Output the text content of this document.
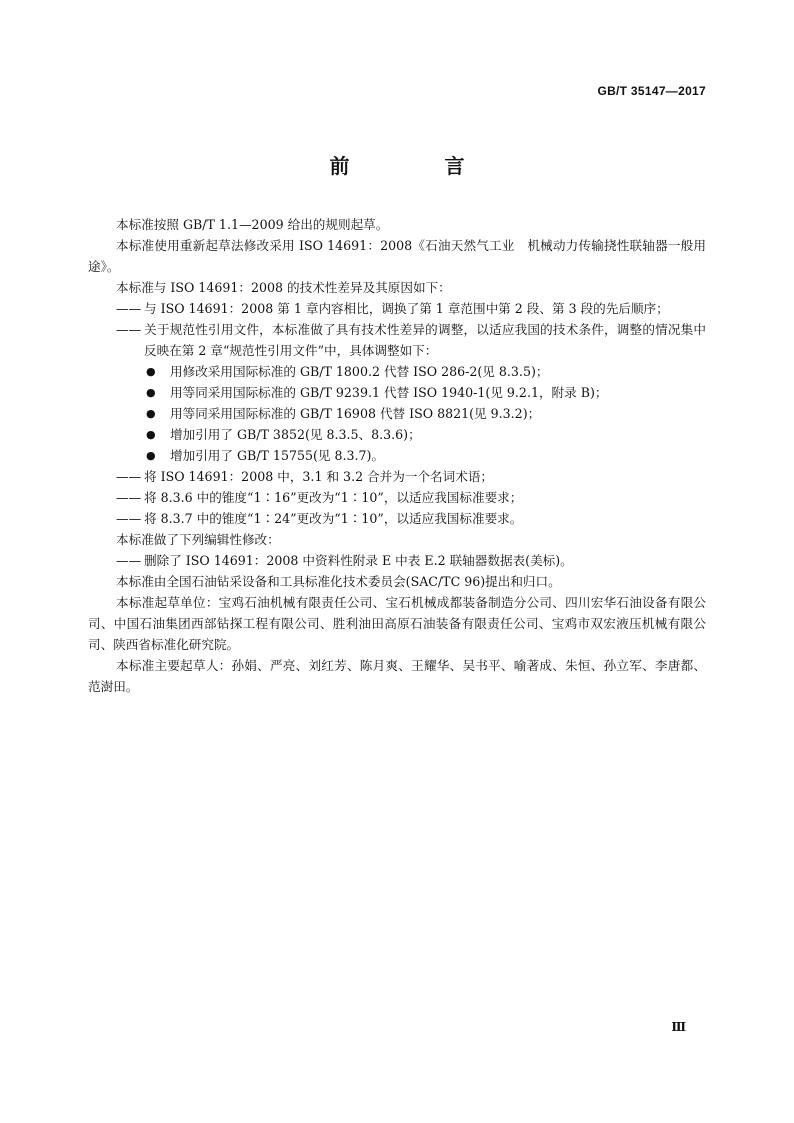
GB/T 35147—2017
前 言

本标准按照 GB/T 1.1—2009 给出的规则起草。

本标准使用重新起草法修改采用 ISO 14691：2008《石油天然气工业　机械动力传输挠性联轴器一般用途》。

本标准与 ISO 14691：2008 的技术性差异及其原因如下：

—— 与 ISO 14691：2008 第 1 章内容相比，调换了第 1 章范围中第 2 段、第 3 段的先后顺序；

—— 关于规范性引用文件，本标准做了具有技术性差异的调整，以适应我国的技术条件，调整的情况集中反映在第 2 章“规范性引用文件”中，具体调整如下：

● 用修改采用国际标准的 GB/T 1800.2 代替 ISO 286-2(见 8.3.5)；

● 用等同采用国际标准的 GB/T 9239.1 代替 ISO 1940-1(见 9.2.1，附录 B)；

● 用等同采用国际标准的 GB/T 16908 代替 ISO 8821(见 9.3.2)；

● 增加引用了 GB/T 3852(见 8.3.5、8.3.6)；

● 增加引用了 GB/T 15755(见 8.3.7)。

—— 将 ISO 14691：2008 中，3.1 和 3.2 合并为一个名词术语；

—— 将 8.3.6 中的锥度“1∶16”更改为“1∶10”，以适应我国标准要求；

—— 将 8.3.7 中的锥度“1∶24”更改为“1∶10”，以适应我国标准要求。

本标准做了下列编辑性修改：

—— 删除了 ISO 14691：2008 中资料性附录 E 中表 E.2 联轴器数据表(美标)。

本标准由全国石油钻采设备和工具标准化技术委员会(SAC/TC 96)提出和归口。

本标准起草单位：宝鸡石油机械有限责任公司、宝石机械成都装备制造分公司、四川宏华石油设备有限公司、中国石油集团西部钻探工程有限公司、胜利油田高原石油装备有限责任公司、宝鸡市双宏液压机械有限公司、陕西省标准化研究院。

本标准主要起草人：孙娟、严亮、刘红芳、陈月爽、王耀华、吴书平、喻著成、朱恒、孙立军、李唐都、范澍田。

Ⅲ
